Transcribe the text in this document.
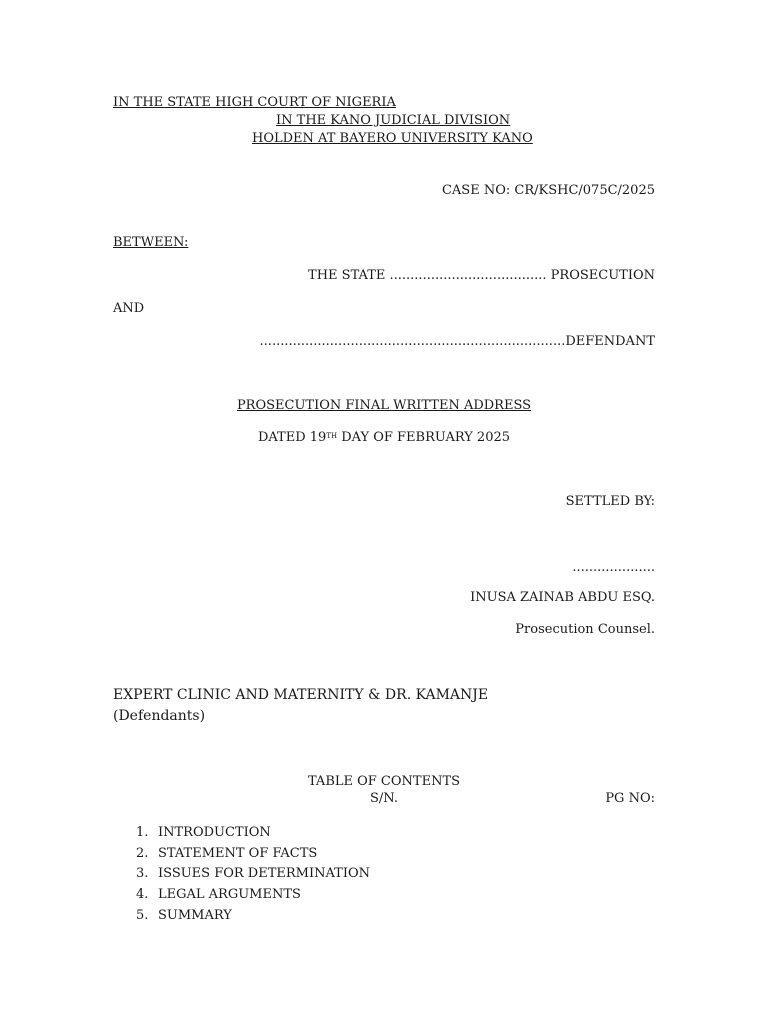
IN THE STATE HIGH COURT OF NIGERIA

IN THE KANO JUDICIAL DIVISION

HOLDEN AT BAYERO UNIVERSITY KANO

CASE NO: CR/KSHC/075C/2025

BETWEEN:

THE STATE ...................................... PROSECUTION

AND

..........................................................................DEFENDANT

PROSECUTION FINAL WRITTEN ADDRESS

DATED 19TH DAY OF FEBRUARY 2025

SETTLED BY:

....................

INUSA ZAINAB ABDU ESQ.

Prosecution Counsel.

EXPERT CLINIC AND MATERNITY & DR. KAMANJE

(Defendants)

TABLE OF CONTENTS

S/N.	PG NO:

1. INTRODUCTION
2. STATEMENT OF FACTS
3. ISSUES FOR DETERMINATION
4. LEGAL ARGUMENTS
5. SUMMARY
